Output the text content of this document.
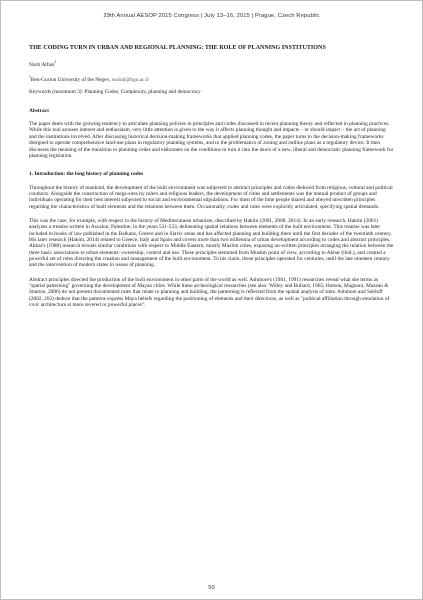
29th Annual AESOP 2015 Congress | July 13–16, 2015 | Prague, Czech Republic
THE CODING TURN IN URBAN AND REGIONAL PLANNING: THE ROLE OF PLANNING INSTITUTIONS
Nurit Alfasi$^1$
$^1$Ben-Gurion University of the Negev, nurital@bgu.ac.il
Keywords (maximum 3): Planning Codes, Complexity, planning and democracy
Abstract

The paper deals with the growing tendency to articulate planning policies in principles and codes discussed in recent planning theory and reflected in planning practices. While this tool arouses interest and enthusiasm, very little attention is given to the way it affects planning thought and impacts – or should impact – the act of planning and the institutions involved. After discussing historical decision-making frameworks that applied planning codes, the paper turns to the decision-making frameworks designed to operate comprehensive land-use plans in regulatory planning systems, and to the problematics of zoning and outline plans as a regulatory device. It then discusses the meaning of the transition to planning codes and elaborates on the conditions to turn it into the dawn of a new, liberal and democratic planning framework for planning legislation.

1. Introduction: the long history of planning codes

Throughout the history of mankind, the development of the built environment was subjected to abstract principles and codes deduced from religious, cultural and political conducts. Alongside the construction of mega-sites by rulers and religious leaders, the development of cities and settlements was the mutual product of groups and individuals operating for their best interest subjected to social and environmental stipulations. For most of the time people shared and obeyed unwritten principles regarding the characteristics of built elements and the relations between them. Occasionally, codes and rules were explicitly articulated, specifying spatial demands.

This was the case, for example, with respect to the history of Mediterranean urbanism, described by Hakim (2001, 2008, 2014). In an early research, Hakim (2001) analyzes a treatise written in Ascalon, Palestine, in the years 531-533, delineating spatial relations between elements of the built environment. This treatise was later included in books of law published in the Balkans, Greece and in Slavic areas and has affected planning and building there until the first decades of the twentieth century. His later research (Hakim, 2014) related to Greece, Italy and Spain and covers more than two millennia of urban development according to codes and abstract principles. Akbar's (1988) research reveals similar conditions with respect to Middle Eastern, mostly Muslim cities, exposing un-written principles arranging the relation between the three basic associations to urban elements: ownership, control and use. These principles stemmed from Muslim point of view, according to Akbar (ibid.), and created a powerful set of rules directing the creation and management of the built environment. To his claim, these principles operated for centuries, until the late nineteen century and the intervention of modern states in issues of planning.

Abstract principles directed the production of the built environment in other parts of the world as well. Ashmore's (1981, 1991) researches reveal what she terms as "spatial patterning" governing the development of Mayan cities. While these archeological researches (see also: Willey and Bullard, 1965; Hutson, Magnoni, Mazeau & Stanton, 2006) do not present documented rules that relate to planning and building, the patterning is reflected from the spatial analysis of sites. Ashmore and Sabloff (2002, 202) deduce that the patterns express Maya beliefs regarding the positioning of elements and their directions, as well as "political affiliation through emulation of civic architecture at more revered or powerful places".

50
